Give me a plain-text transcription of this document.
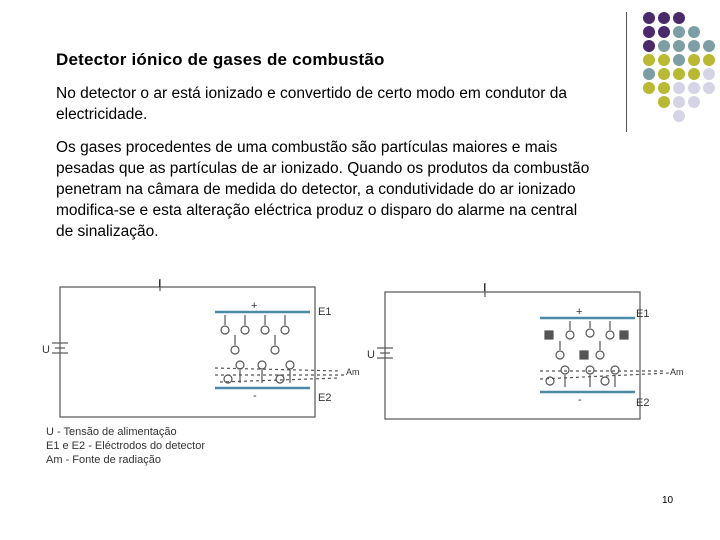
Detector iónico de gases de combustão
No detector o ar está ionizado e convertido de certo modo em condutor da electricidade.
Os gases procedentes de uma combustão são partículas maiores e mais pesadas que as partículas de ar ionizado. Quando os produtos da combustão penetram na câmara de medida do detector, a condutividade do ar ionizado modifica-se e esta alteração eléctrica produz o disparo do alarme na central de sinalização.
I
U
E1
E2
Am
+
-
I
U
E1
E2
Am
+
-
U - Tensão de alimentação
E1 e E2 - Eléctrodos do detector
Am - Fonte de radiação
10
